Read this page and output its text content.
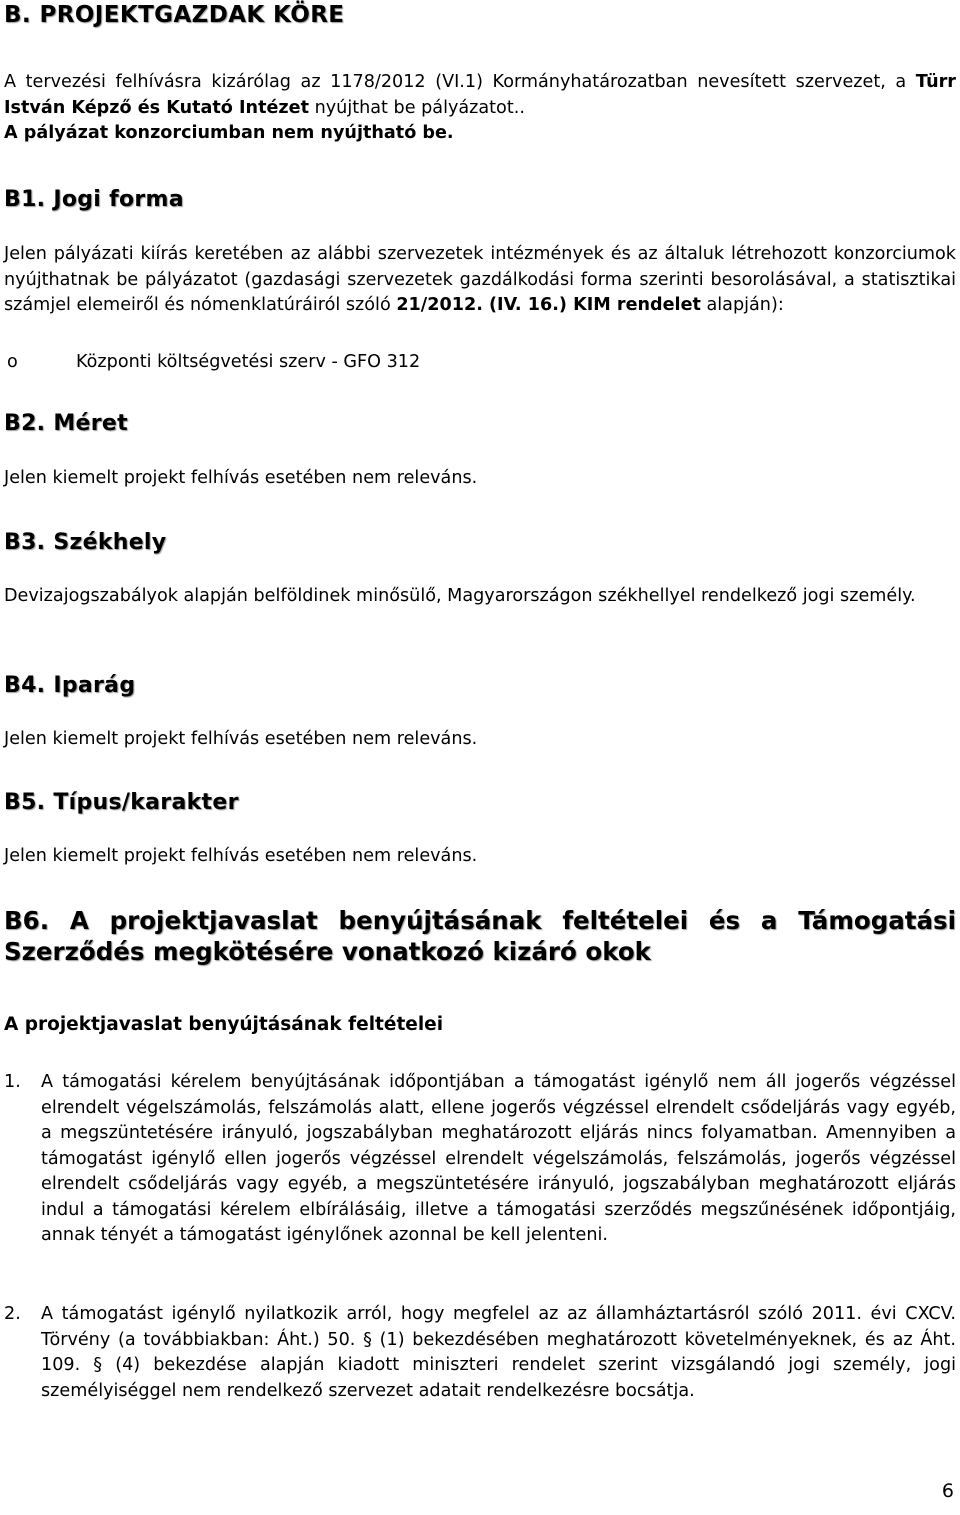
B. PROJEKTGAZDAK KÖRE
A tervezési felhívásra kizárólag az 1178/2012 (VI.1) Kormányhatározatban nevesített szervezet, a Türr István Képző és Kutató Intézet nyújthat be pályázatot..
A pályázat konzorciumban nem nyújtható be.
B1. Jogi forma
Jelen pályázati kiírás keretében az alábbi szervezetek intézmények és az általuk létrehozott konzorciumok nyújthatnak be pályázatot (gazdasági szervezetek gazdálkodási forma szerinti besorolásával, a statisztikai számjel elemeiről és nómenklatúráiról szóló 21/2012. (IV. 16.) KIM rendelet alapján):
o	Központi költségvetési szerv - GFO 312
B2. Méret
Jelen kiemelt projekt felhívás esetében nem releváns.
B3. Székhely
Devizajogszabályok alapján belföldinek minősülő, Magyarországon székhellyel rendelkező jogi személy.
B4. Iparág
Jelen kiemelt projekt felhívás esetében nem releváns.
B5. Típus/karakter
Jelen kiemelt projekt felhívás esetében nem releváns.
B6. A projektjavaslat benyújtásának feltételei és a Támogatási Szerződés megkötésére vonatkozó kizáró okok
A projektjavaslat benyújtásának feltételei
1. A támogatási kérelem benyújtásának időpontjában a támogatást igénylő nem áll jogerős végzéssel elrendelt végelszámolás, felszámolás alatt, ellene jogerős végzéssel elrendelt csődeljárás vagy egyéb, a megszüntetésére irányuló, jogszabályban meghatározott eljárás nincs folyamatban. Amennyiben a támogatást igénylő ellen jogerős végzéssel elrendelt végelszámolás, felszámolás, jogerős végzéssel elrendelt csődeljárás vagy egyéb, a megszüntetésére irányuló, jogszabályban meghatározott eljárás indul a támogatási kérelem elbírálásáig, illetve a támogatási szerződés megszűnésének időpontjáig, annak tényét a támogatást igénylőnek azonnal be kell jelenteni.
2. A támogatást igénylő nyilatkozik arról, hogy megfelel az az államháztartásról szóló 2011. évi CXCV. Törvény (a továbbiakban: Áht.) 50. § (1) bekezdésében meghatározott követelményeknek, és az Áht. 109. § (4) bekezdése alapján kiadott miniszteri rendelet szerint vizsgálandó jogi személy, jogi személyiséggel nem rendelkező szervezet adatait rendelkezésre bocsátja.
6
